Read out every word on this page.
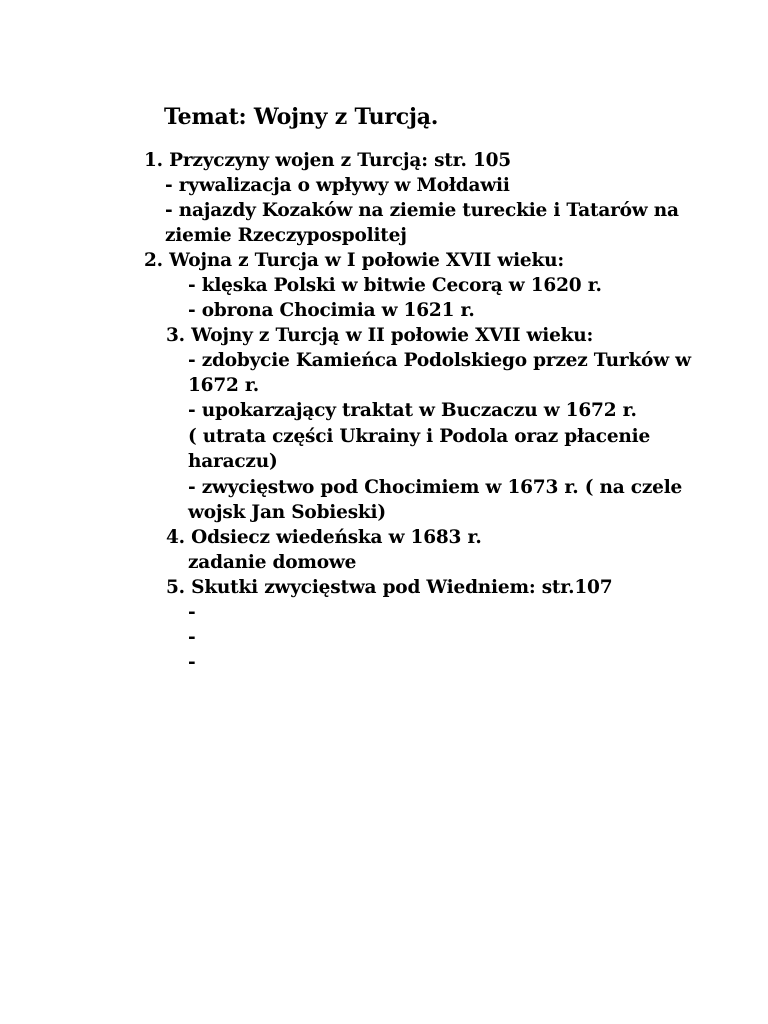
Temat: Wojny z Turcją.
1. Przyczyny wojen z Turcją: str. 105
- rywalizacja o wpływy w Mołdawii
- najazdy Kozaków na ziemie tureckie i Tatarów na
ziemie Rzeczypospolitej
2. Wojna z Turcja w I połowie XVII wieku:
- klęska Polski w bitwie Cecorą w 1620 r.
- obrona Chocimia w 1621 r.
3. Wojny z Turcją w II połowie XVII wieku:
- zdobycie Kamieńca Podolskiego przez Turków w
1672 r.
- upokarzający traktat w Buczaczu w 1672 r.
( utrata części Ukrainy i Podola oraz płacenie
haraczu)
- zwycięstwo pod Chocimiem w 1673 r. ( na czele
wojsk Jan Sobieski)
4. Odsiecz wiedeńska w 1683 r.
zadanie domowe
5. Skutki zwycięstwa pod Wiedniem: str.107
-
-
-
